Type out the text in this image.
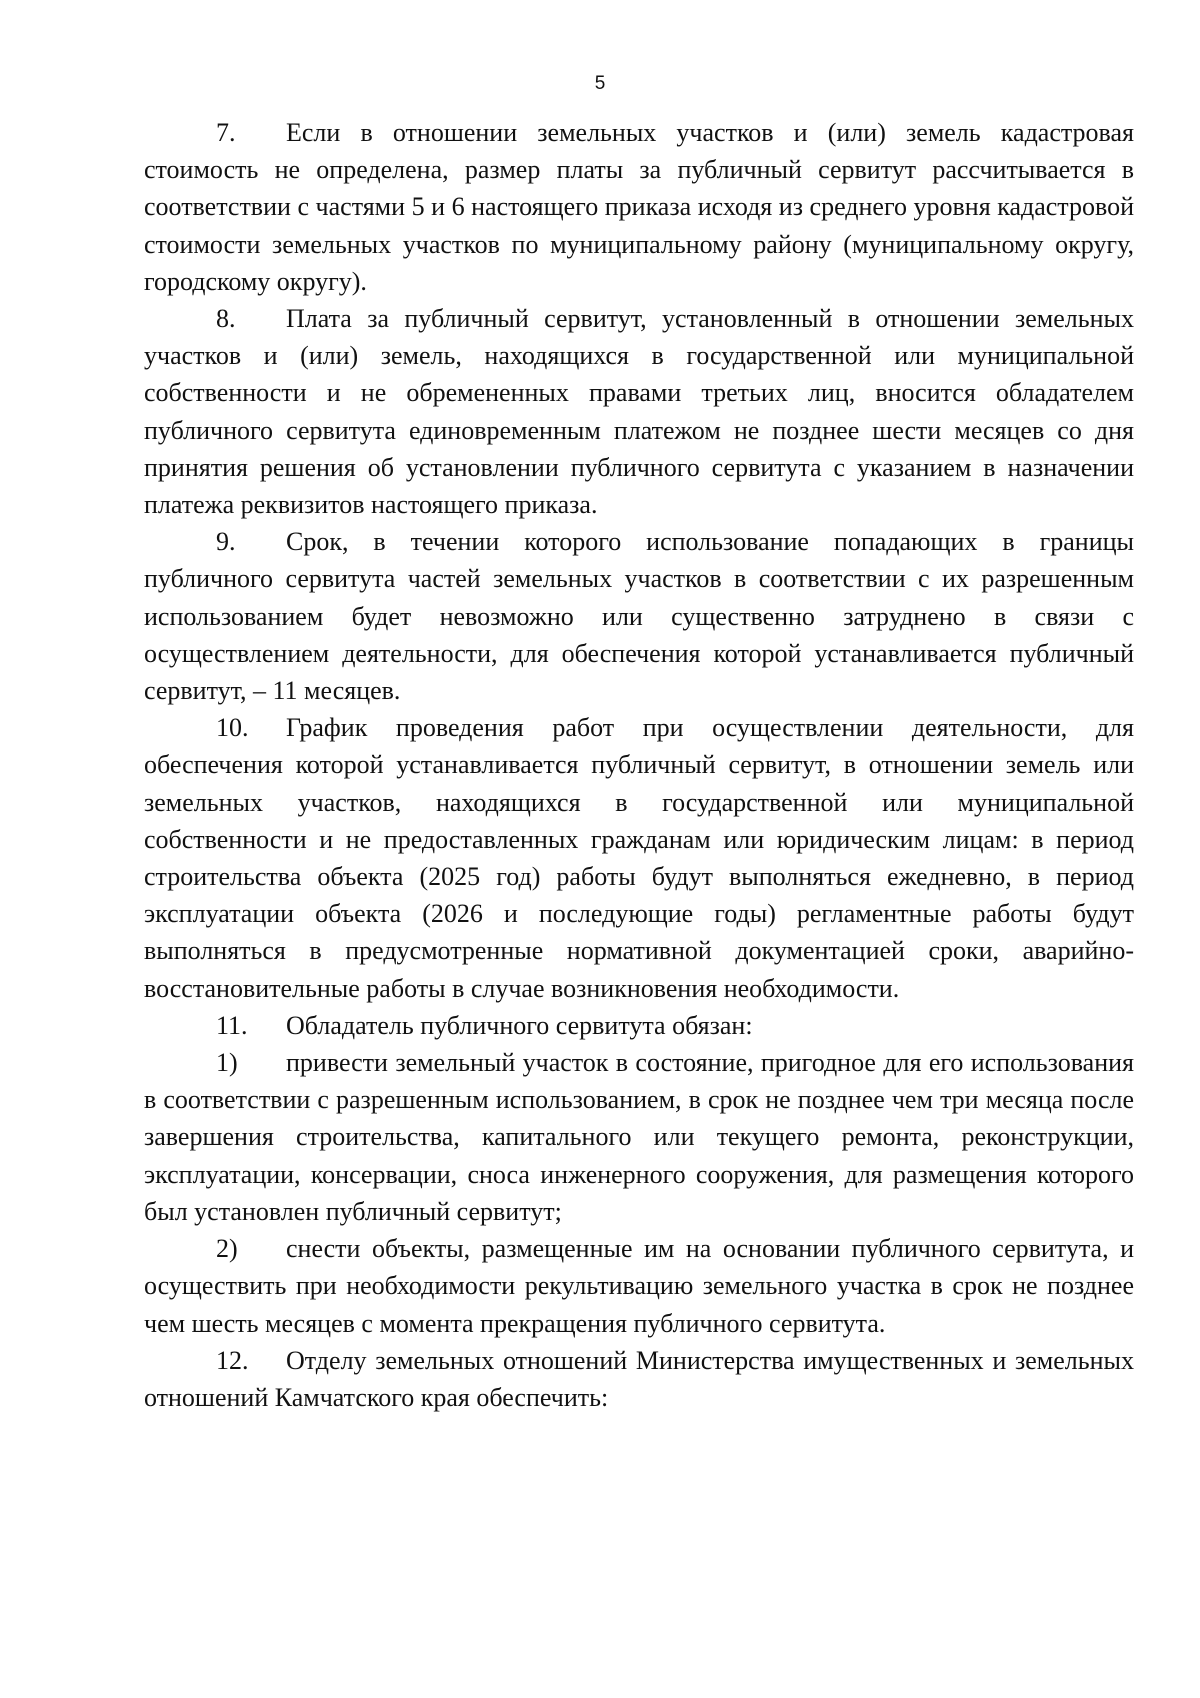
5

7. Если в отношении земельных участков и (или) земель кадастровая стоимость не определена, размер платы за публичный сервитут рассчитывается в соответствии с частями 5 и 6 настоящего приказа исходя из среднего уровня кадастровой стоимости земельных участков по муниципальному району (муниципальному округу, городскому округу).

8. Плата за публичный сервитут, установленный в отношении земельных участков и (или) земель, находящихся в государственной или муниципальной собственности и не обремененных правами третьих лиц, вносится обладателем публичного сервитута единовременным платежом не позднее шести месяцев со дня принятия решения об установлении публичного сервитута с указанием в назначении платежа реквизитов настоящего приказа.

9. Срок, в течении которого использование попадающих в границы публичного сервитута частей земельных участков в соответствии с их разрешенным использованием будет невозможно или существенно затруднено в связи с осуществлением деятельности, для обеспечения которой устанавливается публичный сервитут, – 11 месяцев.

10. График проведения работ при осуществлении деятельности, для обеспечения которой устанавливается публичный сервитут, в отношении земель или земельных участков, находящихся в государственной или муниципальной собственности и не предоставленных гражданам или юридическим лицам: в период строительства объекта (2025 год) работы будут выполняться ежедневно, в период эксплуатации объекта (2026 и последующие годы) регламентные работы будут выполняться в предусмотренные нормативной документацией сроки, аварийно-восстановительные работы в случае возникновения необходимости.

11. Обладатель публичного сервитута обязан:

1) привести земельный участок в состояние, пригодное для его использования в соответствии с разрешенным использованием, в срок не позднее чем три месяца после завершения строительства, капитального или текущего ремонта, реконструкции, эксплуатации, консервации, сноса инженерного сооружения, для размещения которого был установлен публичный сервитут;

2) снести объекты, размещенные им на основании публичного сервитута, и осуществить при необходимости рекультивацию земельного участка в срок не позднее чем шесть месяцев с момента прекращения публичного сервитута.

12. Отделу земельных отношений Министерства имущественных и земельных отношений Камчатского края обеспечить:
